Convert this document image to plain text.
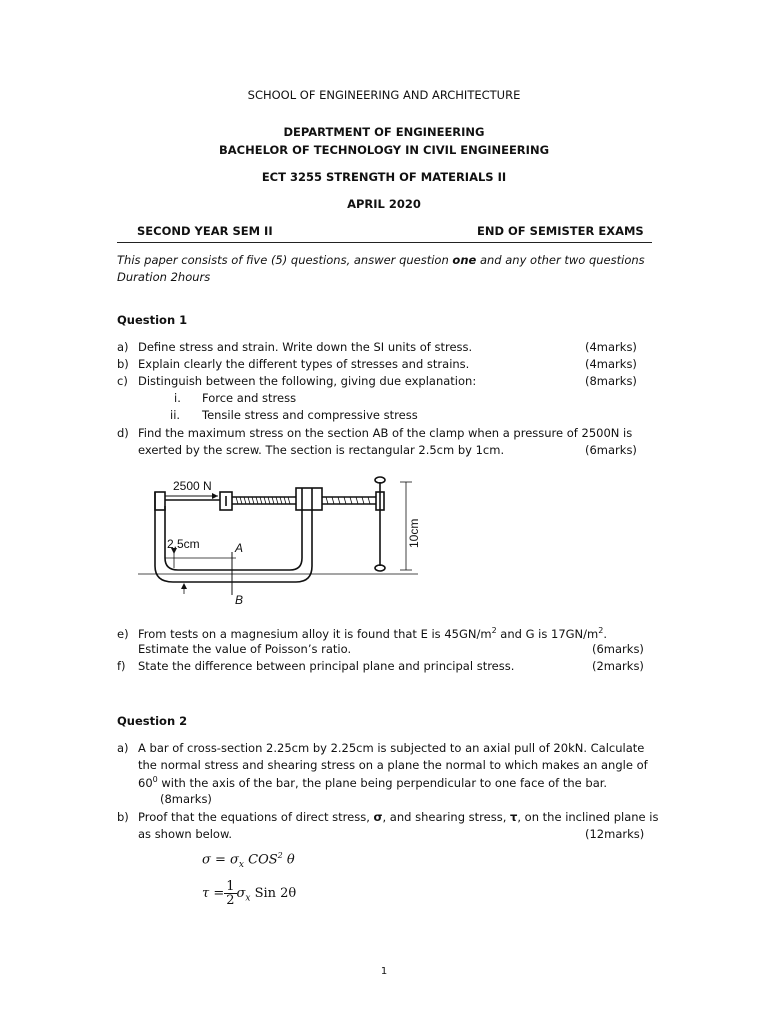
SCHOOL OF ENGINEERING AND ARCHITECTURE
DEPARTMENT OF ENGINEERING
BACHELOR OF TECHNOLOGY IN CIVIL ENGINEERING
ECT 3255 STRENGTH OF MATERIALS II
APRIL 2020
SECOND YEAR SEM II	END OF SEMISTER EXAMS
This paper consists of five (5) questions, answer question one and any other two questions
Duration 2hours
Question 1
a) Define stress and strain. Write down the SI units of stress.	(4marks)
b) Explain clearly the different types of stresses and strains.	(4marks)
c) Distinguish between the following, giving due explanation:	(8marks)
i. Force and stress
ii. Tensile stress and compressive stress
d) Find the maximum stress on the section AB of the clamp when a pressure of 2500N is
exerted by the screw. The section is rectangular 2.5cm by 1cm.	(6marks)
2500 N
2.5cm	A
B
10cm
e) From tests on a magnesium alloy it is found that E is $45GN/m^2$ and G is $17GN/m^2$.
Estimate the value of Poisson’s ratio.	(6marks)
f) State the difference between principal plane and principal stress.	(2marks)
Question 2
a) A bar of cross-section 2.25cm by 2.25cm is subjected to an axial pull of 20kN. Calculate
the normal stress and shearing stress on a plane the normal to which makes an angle of
$60^0$ with the axis of the bar, the plane being perpendicular to one face of the bar.
(8marks)
b) Proof that the equations of direct stress, σ, and shearing stress, τ, on the inclined plane is
as shown below.	(12marks)
$\sigma = \sigma_x$ COS$^2$ θ
$\tau = \frac{1}{2} \sigma_x$ Sin 2θ
1
